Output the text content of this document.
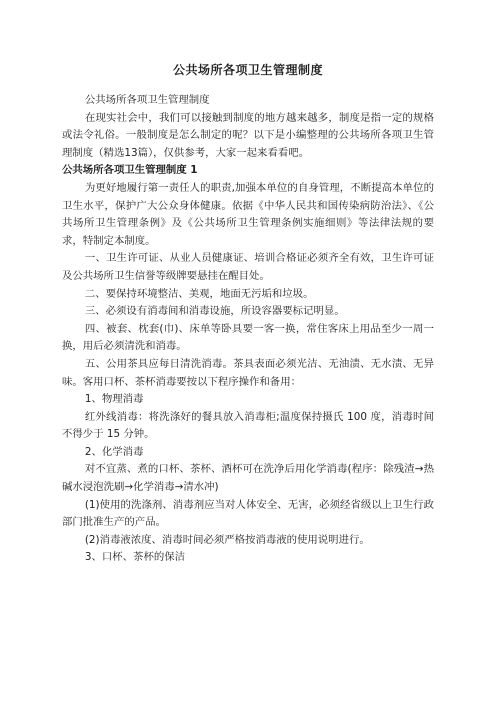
公共场所各项卫生管理制度

公共场所各项卫生管理制度

在现实社会中，我们可以接触到制度的地方越来越多，制度是指一定的规格或法令礼俗。一般制度是怎么制定的呢？以下是小编整理的公共场所各项卫生管理制度（精选13篇），仅供参考，大家一起来看看吧。

公共场所各项卫生管理制度 1

为更好地履行第一责任人的职责,加强本单位的自身管理，不断提高本单位的卫生水平，保护广大公众身体健康。依据《中华人民共和国传染病防治法》、《公共场所卫生管理条例》及《公共场所卫生管理条例实施细则》等法律法规的要求，特制定本制度。

一、卫生许可证、从业人员健康证、培训合格证必须齐全有效，卫生许可证及公共场所卫生信誉等级牌要悬挂在醒目处。

二、要保持环境整洁、美观，地面无污垢和垃圾。

三、必须设有消毒间和消毒设施，所设容器要标记明显。

四、被套、枕套(巾)、床单等卧具要一客一换，常住客床上用品至少一周一换，用后必须清洗和消毒。

五、公用茶具应每日清洗消毒。茶具表面必须光洁、无油渍、无水渍、无异味。客用口杯、茶杯消毒要按以下程序操作和备用：

1、物理消毒

红外线消毒：将洗涤好的餐具放入消毒柜;温度保持摄氏 100 度，消毒时间不得少于 15 分钟。

2、化学消毒

对不宜蒸、煮的口杯、茶杯、酒杯可在洗净后用化学消毒(程序：除残渣→热碱水浸泡洗刷→化学消毒→清水冲)

(1)使用的洗涤剂、消毒剂应当对人体安全、无害，必须经省级以上卫生行政部门批准生产的产品。

(2)消毒液浓度、消毒时间必须严格按消毒液的使用说明进行。

3、口杯、茶杯的保洁
